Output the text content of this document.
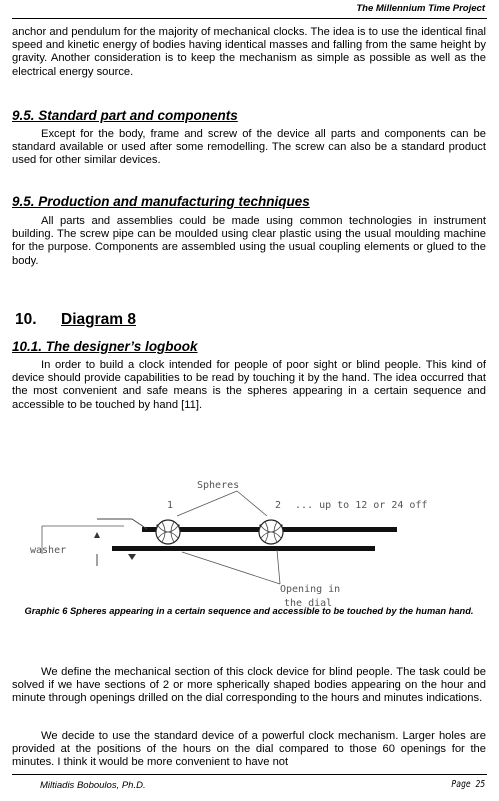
The Millennium Time Project

anchor and pendulum for the majority of mechanical clocks. The idea is to use the identical final speed and kinetic energy of bodies having identical masses and falling from the same height by gravity. Another consideration is to keep the mechanism as simple as possible as well as the electrical energy source.

9.5. Standard part and components

Except for the body, frame and screw of the device all parts and components can be standard available or used after some remodelling. The screw can also be a standard product used for other similar devices.

9.5. Production and manufacturing techniques

All parts and assemblies could be made using common technologies in instrument building. The screw pipe can be moulded using clear plastic using the usual moulding machine for the purpose. Components are assembled using the usual coupling elements or glued to the body.

10. Diagram 8
10.1. The designer’s logbook

In order to build a clock intended for people of poor sight or blind people. This kind of device should provide capabilities to be read by touching it by the hand. The idea occurred that the most convenient and safe means is the spheres appearing in a certain sequence and accessible to be touched by hand [11].

Spheres
1	2 ... up to 12 or 24 off
washer
Opening in
the dial
Graphic 6 Spheres appearing in a certain sequence and accessible to be touched by the human hand.

We define the mechanical section of this clock device for blind people. The task could be solved if we have sections of 2 or more spherically shaped bodies appearing on the hour and minute through openings drilled on the dial corresponding to the hours and minutes indications.

We decide to use the standard device of a powerful clock mechanism. Larger holes are provided at the positions of the hours on the dial compared to those 60 openings for the minutes. I think it would be more convenient to have not

Miltiadis Boboulos, Ph.D.	Page 25
